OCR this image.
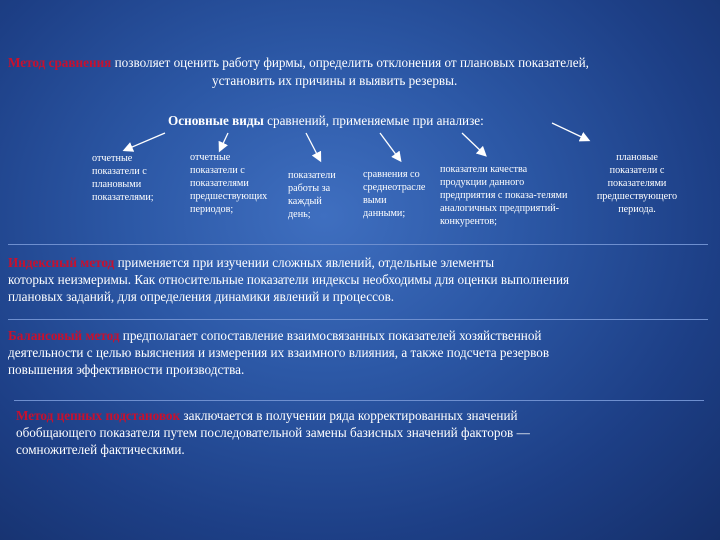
Метод сравнения позволяет оценить работу фирмы, определить отклонения от плановых показателей,
установить их причины и выявить резервы.
Основные виды сравнений, применяемые при анализе:
отчетные
показатели с
плановыми
показателями;
отчетные
показатели с
показателями
предшествующих
периодов;
показатели
работы за
каждый
день;
сравнения со
среднеотрасле
выми
данными;
показатели качества
продукции данного
предприятия с показа-телями
аналогичных предприятий-
конкурентов;
плановые
показатели с
показателями
предшествующего
периода.
Индексный метод применяется при изучении сложных явлений, отдельные элементы
которых неизмеримы. Как относительные показатели индексы необходимы для оценки выполнения
плановых заданий, для определения динамики явлений и процессов.
Балансовый метод предполагает сопоставление взаимосвязанных показателей хозяйственной
деятельности с целью выяснения и измерения их взаимного влияния, а также подсчета резервов
повышения эффективности производства.
Метод цепных подстановок заключается в получении ряда корректированных значений
обобщающего показателя путем последовательной замены базисных значений факторов —
сомножителей фактическими.
